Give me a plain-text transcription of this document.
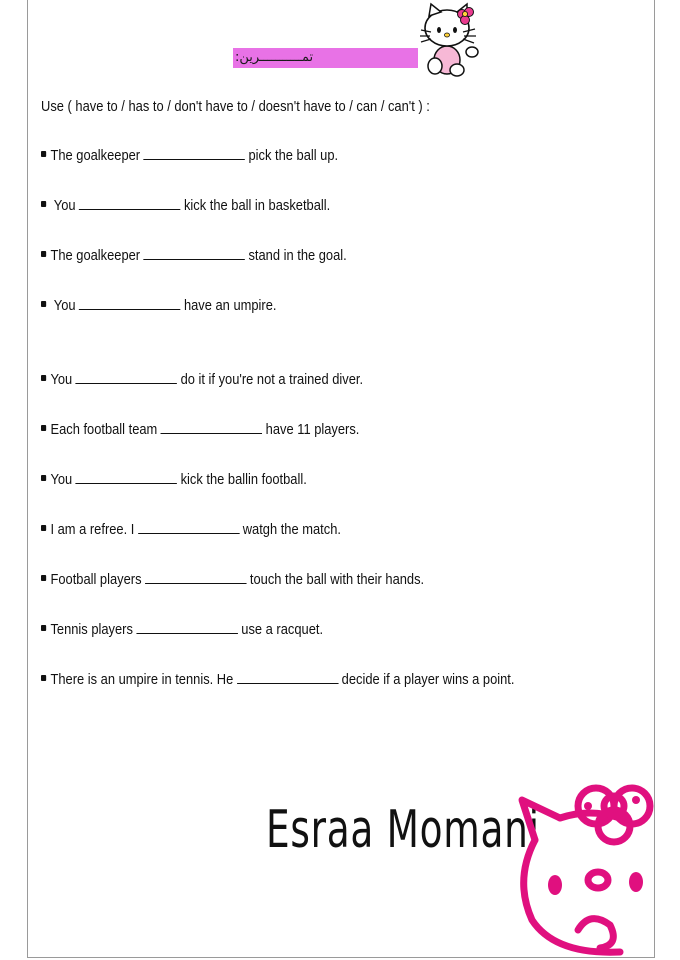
تمـــــــــــرين:
Use ( have to / has to / don't have to / doesn't have to / can / can't ) :
The goalkeeper	pick the ball up.
You	kick the ball in basketball.
The goalkeeper	stand in the goal.
You	have an umpire.
You	do it if you're not a trained diver.
Each football team	have 11 players.
You	kick the ballin football.
I am a refree. I	watgh the match.
Football players	touch the ball with their hands.
Tennis players	use a racquet.
There is an umpire in tennis. He	decide if a player wins a point.
Esraa Momani
